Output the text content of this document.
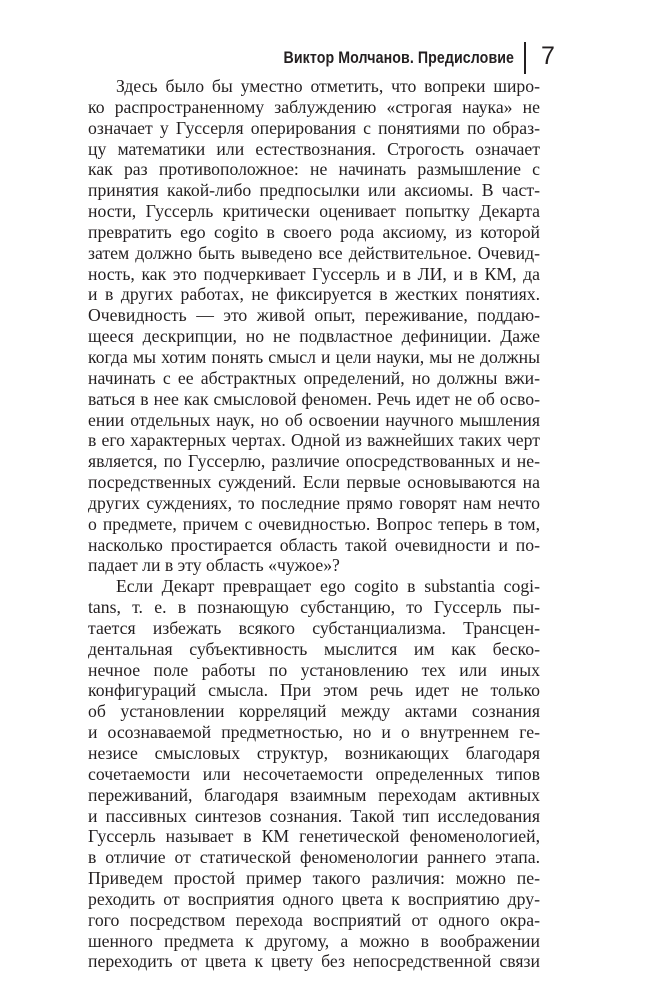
Виктор Молчанов. Предисловие 7
Здесь было бы уместно отметить, что вопреки широ-
ко распространенному заблуждению «строгая наука» не
означает у Гуссерля оперирования с понятиями по образ-
цу математики или естествознания. Строгость означает
как раз противоположное: не начинать размышление с
принятия какой-либо предпосылки или аксиомы. В част-
ности, Гуссерль критически оценивает попытку Декарта
превратить ego cogito в своего рода аксиому, из которой
затем должно быть выведено все действительное. Очевид-
ность, как это подчеркивает Гуссерль и в ЛИ, и в КМ, да
и в других работах, не фиксируется в жестких понятиях.
Очевидность — это живой опыт, переживание, поддаю-
щееся дескрипции, но не подвластное дефиниции. Даже
когда мы хотим понять смысл и цели науки, мы не должны
начинать с ее абстрактных определений, но должны вжи-
ваться в нее как смысловой феномен. Речь идет не об осво-
ении отдельных наук, но об освоении научного мышления
в его характерных чертах. Одной из важнейших таких черт
является, по Гуссерлю, различие опосредствованных и не-
посредственных суждений. Если первые основываются на
других суждениях, то последние прямо говорят нам нечто
о предмете, причем с очевидностью. Вопрос теперь в том,
насколько простирается область такой очевидности и по-
падает ли в эту область «чужое»?
Если Декарт превращает ego cogito в substantia cogi-
tans, т. е. в познающую субстанцию, то Гуссерль пы-
тается избежать всякого субстанциализма. Трансцен-
дентальная субъективность мыслится им как беско-
нечное поле работы по установлению тех или иных
конфигураций смысла. При этом речь идет не только
об установлении корреляций между актами сознания
и осознаваемой предметностью, но и о внутреннем ге-
незисе смысловых структур, возникающих благодаря
сочетаемости или несочетаемости определенных типов
переживаний, благодаря взаимным переходам активных
и пассивных синтезов сознания. Такой тип исследования
Гуссерль называет в КМ генетической феноменологией,
в отличие от статической феноменологии раннего этапа.
Приведем простой пример такого различия: можно пе-
реходить от восприятия одного цвета к восприятию дру-
гого посредством перехода восприятий от одного окра-
шенного предмета к другому, а можно в воображении
переходить от цвета к цвету без непосредственной связи
